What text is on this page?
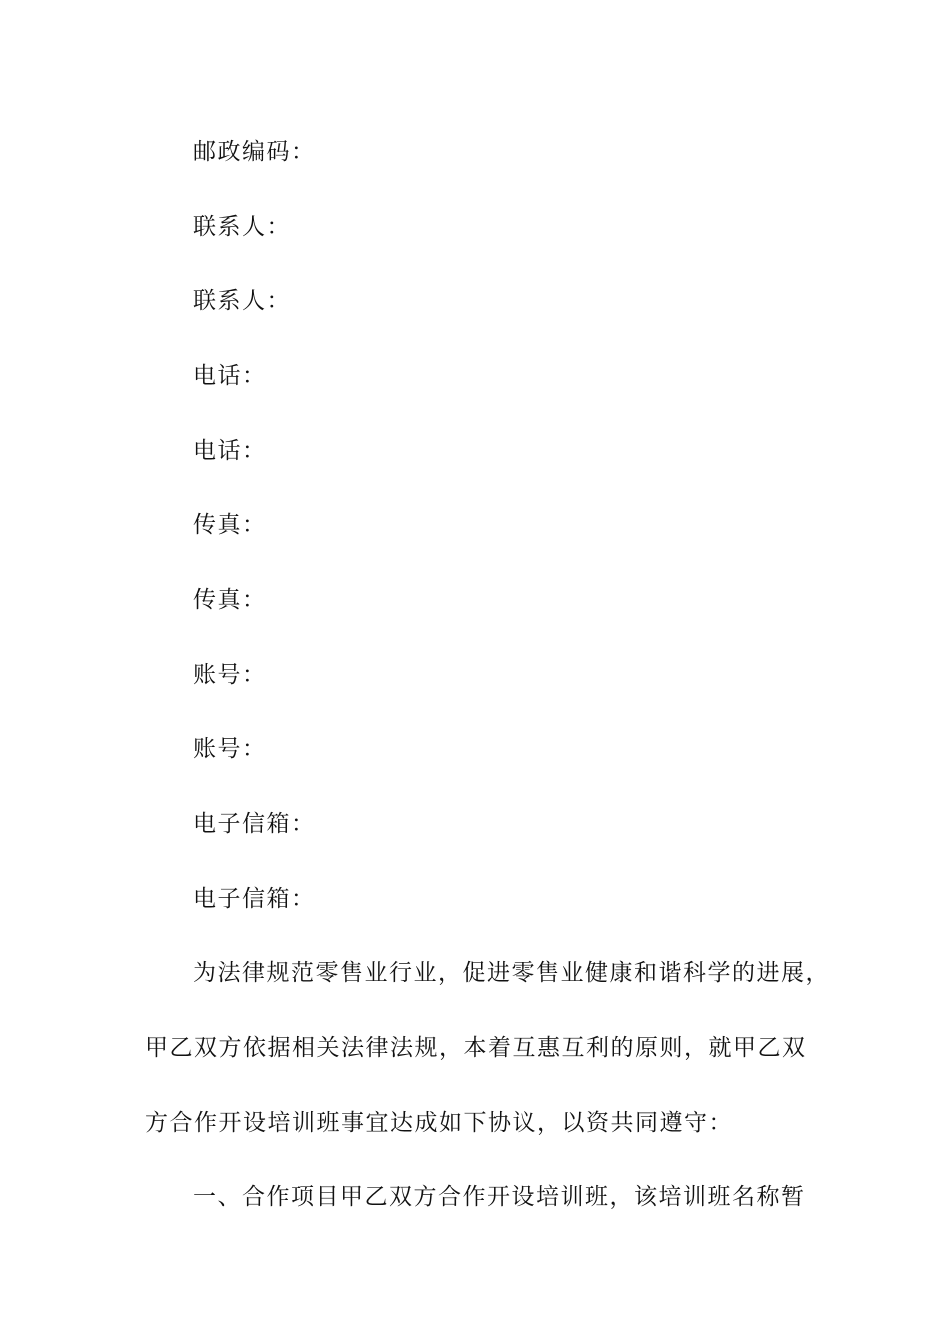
邮政编码：
联系人：
联系人：
电话：
电话：
传真：
传真：
账号：
账号：
电子信箱：
电子信箱：
为法律规范零售业行业，促进零售业健康和谐科学的进展，
甲乙双方依据相关法律法规，本着互惠互利的原则，就甲乙双
方合作开设培训班事宜达成如下协议，以资共同遵守：
一、合作项目甲乙双方合作开设培训班，该培训班名称暂
